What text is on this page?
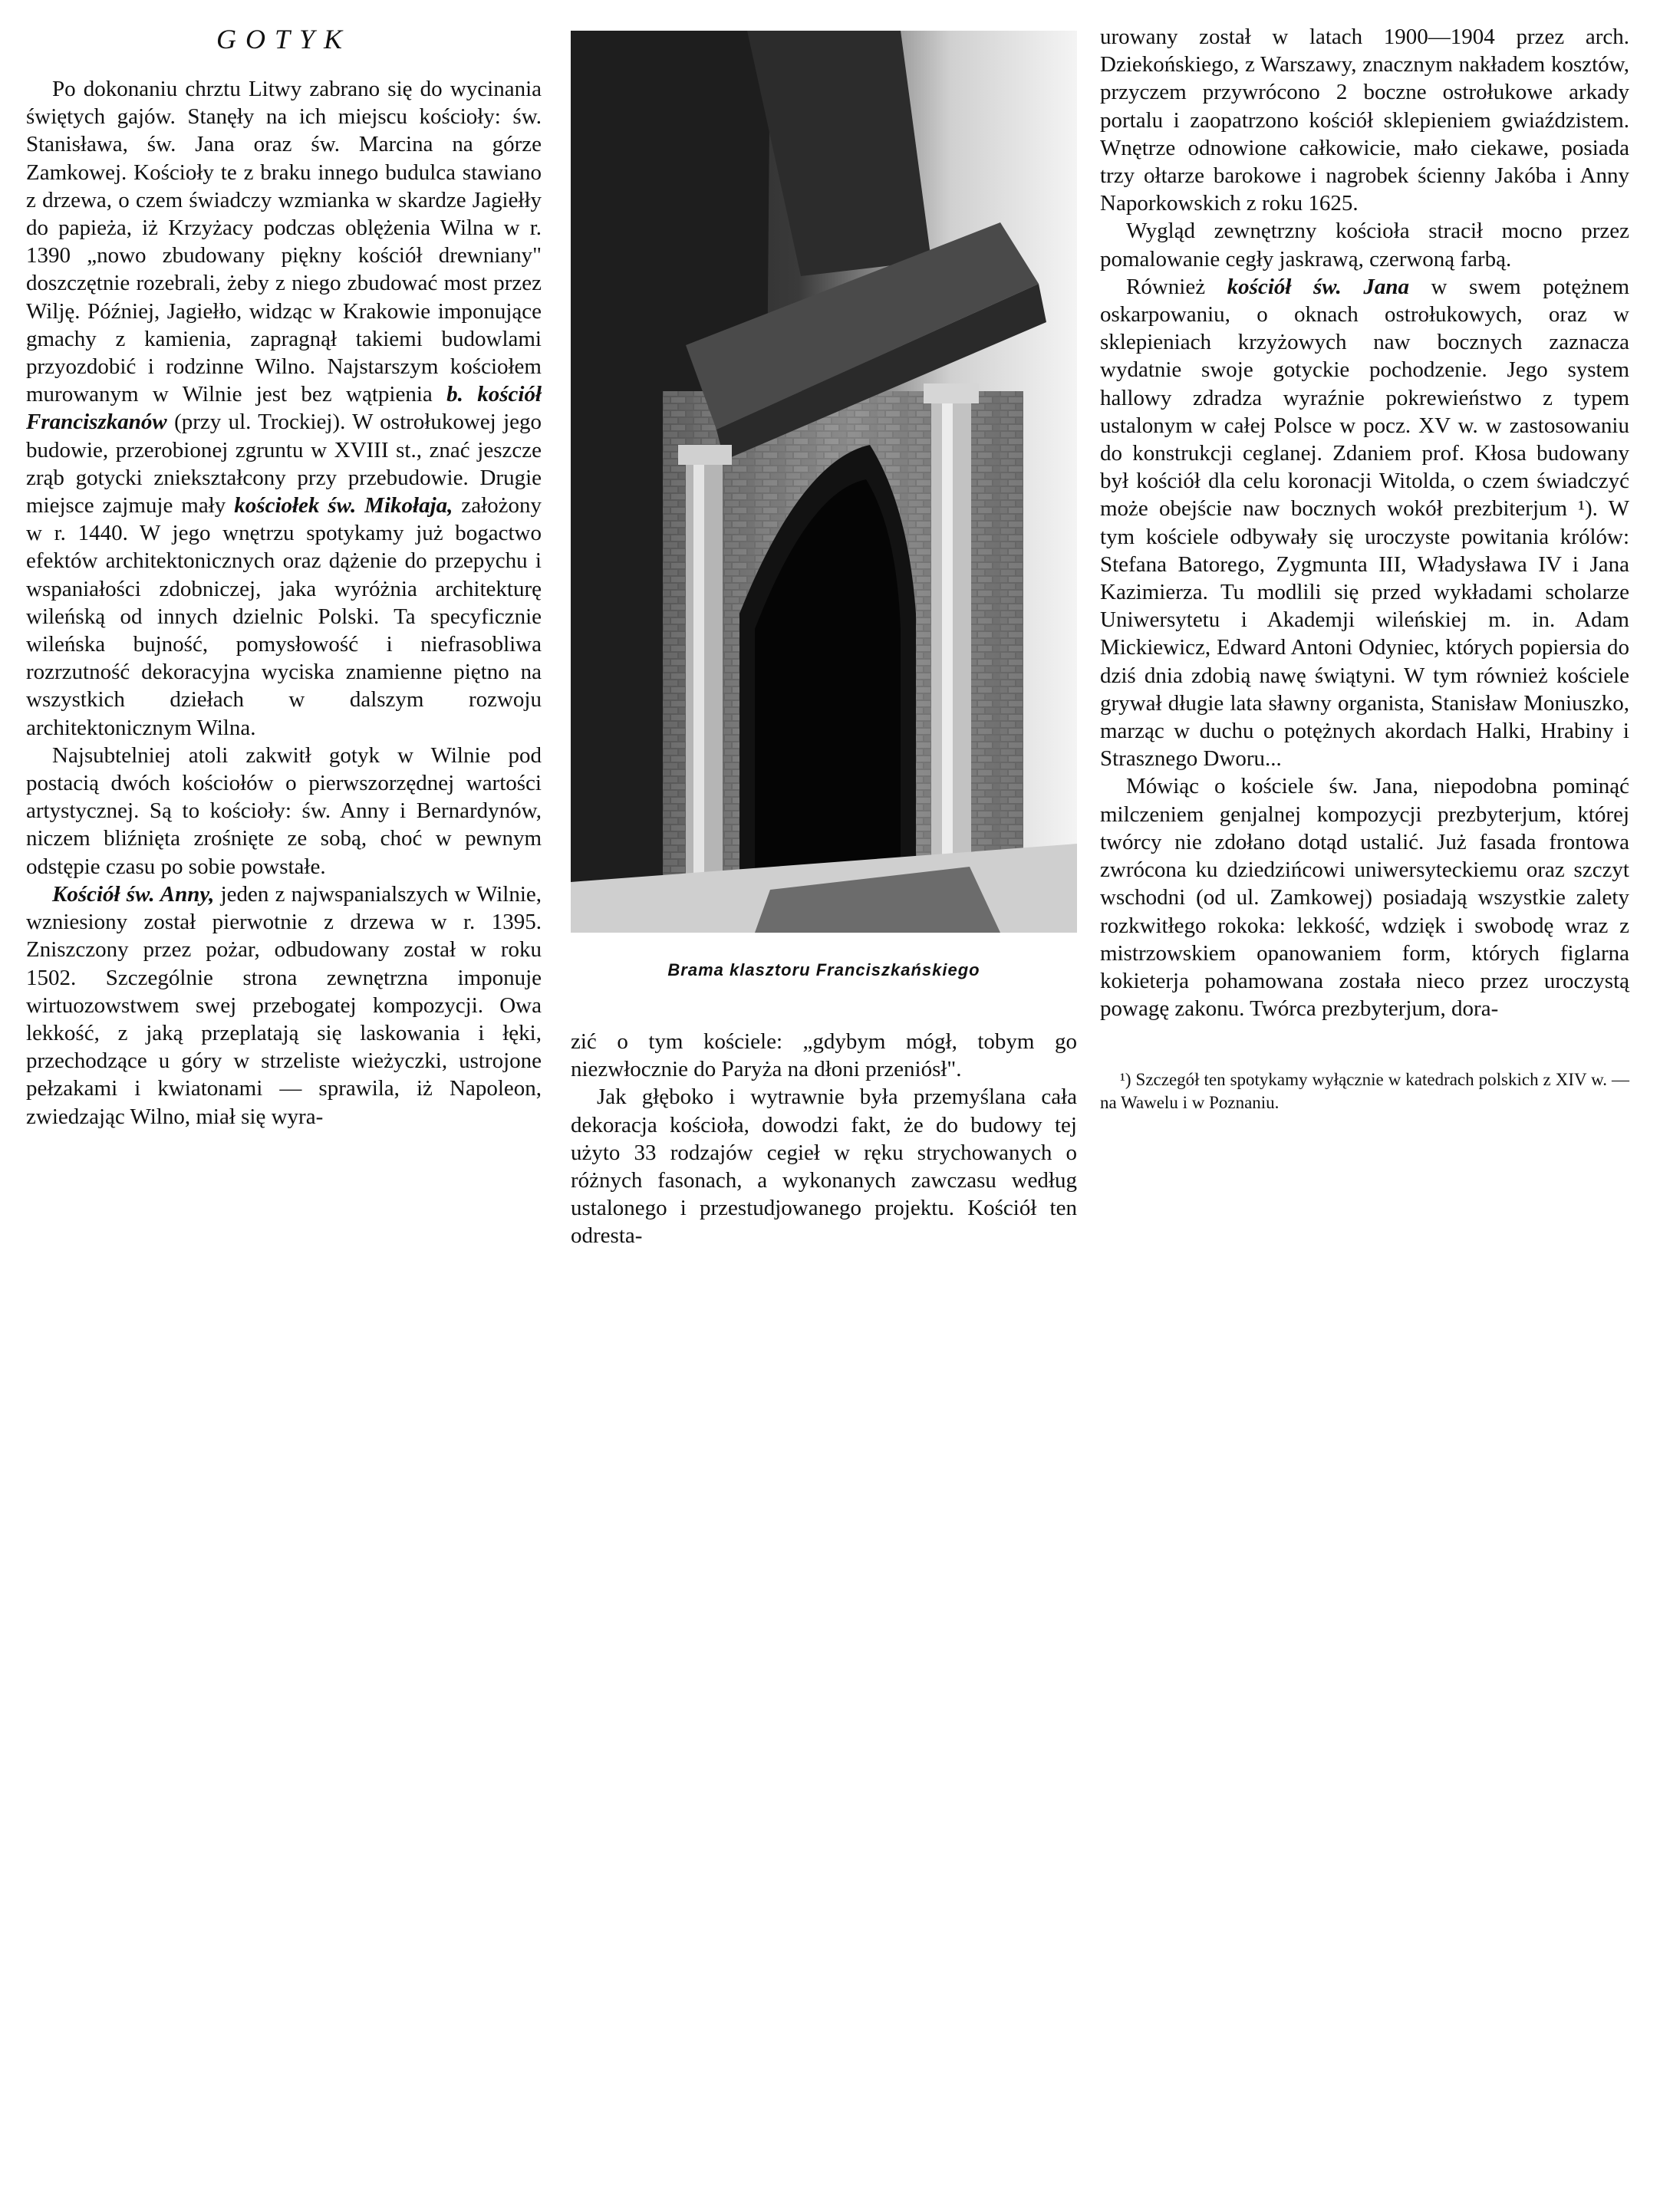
GOTYK

Po dokonaniu chrztu Litwy zabrano się do wycinania świętych gajów. Stanęły na ich miejscu kościoły: św. Stanisława, św. Jana oraz św. Marcina na górze Zamkowej. Kościoły te z braku innego budulca stawiano z drzewa, o czem świadczy wzmianka w skardze Jagiełły do papieża, iż Krzyżacy podczas oblężenia Wilna w r. 1390 „nowo zbudowany piękny kościół drewniany" doszczętnie rozebrali, żeby z niego zbudować most przez Wilję. Później, Jagiełło, widząc w Krakowie imponujące gmachy z kamienia, zapragnął takiemi budowlami przyozdobić i rodzinne Wilno. Najstarszym kościołem murowanym w Wilnie jest bez wątpienia b. kościół Franciszkanów (przy ul. Trockiej). W ostrołukowej jego budowie, przerobionej zgruntu w XVIII st., znać jeszcze zrąb gotycki zniekształcony przy przebudowie. Drugie miejsce zajmuje mały kościołek św. Mikołaja, założony w r. 1440. W jego wnętrzu spotykamy już bogactwo efektów architektonicznych oraz dążenie do przepychu i wspaniałości zdobniczej, jaka wyróżnia architekturę wileńską od innych dzielnic Polski. Ta specyficznie wileńska bujność, pomysłowość i niefrasobliwa rozrzutność dekoracyjna wyciska znamienne piętno na wszystkich dziełach w dalszym rozwoju architektonicznym Wilna.

Najsubtelniej atoli zakwitł gotyk w Wilnie pod postacią dwóch kościołów o pierwszorzędnej wartości artystycznej. Są to kościoły: św. Anny i Bernardynów, niczem bliźnięta zrośnięte ze sobą, choć w pewnym odstępie czasu po sobie powstałe.

Kościół św. Anny, jeden z najwspanialszych w Wilnie, wzniesiony został pierwotnie z drzewa w r. 1395. Zniszczony przez pożar, odbudowany został w roku 1502. Szczególnie strona zewnętrzna imponuje wirtuozowstwem swej przebogatej kompozycji. Owa lekkość, z jaką przeplatają się laskowania i łęki, przechodzące u góry w strzeliste wieżyczki, ustrojone pełzakami i kwiatonami — sprawila, iż Napoleon, zwiedzając Wilno, miał się wyra-

Brama klasztoru Franciszkańskiego

zić o tym kościele: „gdybym mógł, tobym go niezwłocznie do Paryża na dłoni przeniósł".

Jak głęboko i wytrawnie była przemyślana cała dekoracja kościoła, dowodzi fakt, że do budowy tej użyto 33 rodzajów cegieł w ręku strychowanych o różnych fasonach, a wykonanych zawczasu według ustalonego i przestudjowanego projektu. Kościół ten odresta-

urowany został w latach 1900—1904 przez arch. Dziekońskiego, z Warszawy, znacznym nakładem kosztów, przyczem przywrócono 2 boczne ostrołukowe arkady portalu i zaopatrzono kościół sklepieniem gwiaździstem. Wnętrze odnowione całkowicie, mało ciekawe, posiada trzy ołtarze barokowe i nagrobek ścienny Jakóba i Anny Naporkowskich z roku 1625.

Wygląd zewnętrzny kościoła stracił mocno przez pomalowanie cegły jaskrawą, czerwoną farbą.

Również kościół św. Jana w swem potężnem oskarpowaniu, o oknach ostrołukowych, oraz w sklepieniach krzyżowych naw bocznych zaznacza wydatnie swoje gotyckie pochodzenie. Jego system hallowy zdradza wyraźnie pokrewieństwo z typem ustalonym w całej Polsce w pocz. XV w. w zastosowaniu do konstrukcji ceglanej. Zdaniem prof. Kłosa budowany był kościół dla celu koronacji Witolda, o czem świadczyć może obejście naw bocznych wokół prezbiterjum ¹). W tym kościele odbywały się uroczyste powitania królów: Stefana Batorego, Zygmunta III, Władysława IV i Jana Kazimierza. Tu modlili się przed wykładami scholarze Uniwersytetu i Akademji wileńskiej m. in. Adam Mickiewicz, Edward Antoni Odyniec, których popiersia do dziś dnia zdobią nawę świątyni. W tym również kościele grywał długie lata sławny organista, Stanisław Moniuszko, marząc w duchu o potężnych akordach Halki, Hrabiny i Strasznego Dworu...

Mówiąc o kościele św. Jana, niepodobna pominąć milczeniem genjalnej kompozycji prezbyterjum, której twórcy nie zdołano dotąd ustalić. Już fasada frontowa zwrócona ku dziedzińcowi uniwersyteckiemu oraz szczyt wschodni (od ul. Zamkowej) posiadają wszystkie zalety rozkwitłego rokoka: lekkość, wdzięk i swobodę wraz z mistrzowskiem opanowaniem form, których figlarna kokieterja pohamowana została nieco przez uroczystą powagę zakonu. Twórca prezbyterjum, dora-

¹) Szczegół ten spotykamy wyłącznie w katedrach polskich z XIV w. — na Wawelu i w Poznaniu.
